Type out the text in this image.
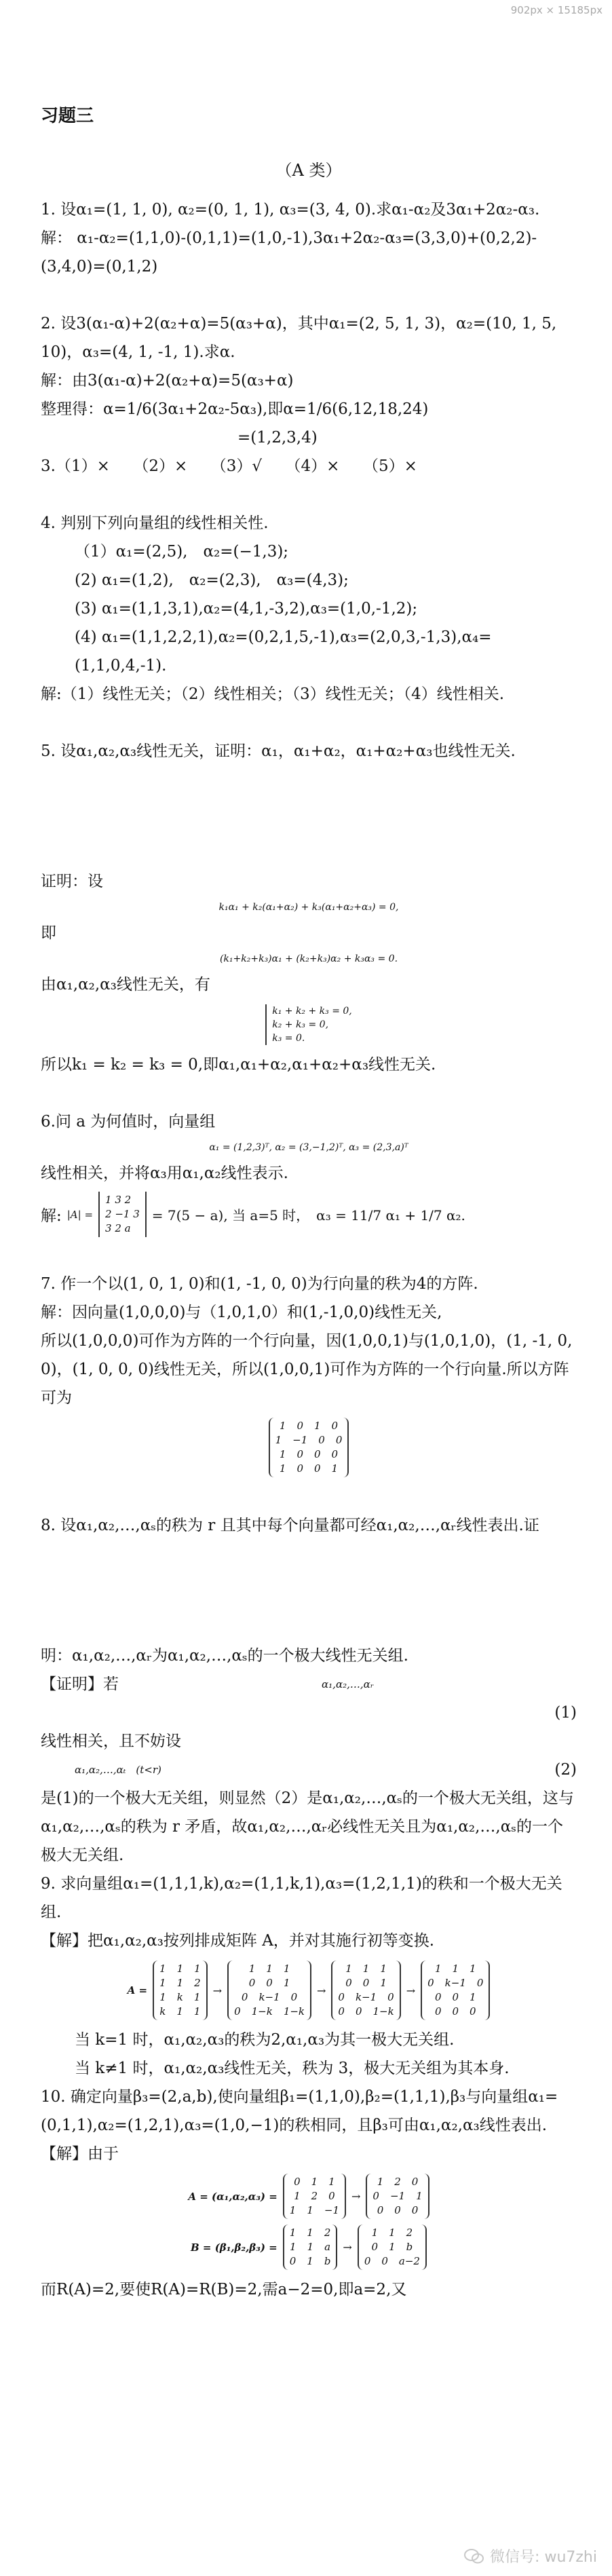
902px × 15185px
习题三
（A 类）

1. 设α₁=(1, 1, 0), α₂=(0, 1, 1), α₃=(3, 4, 0).求α₁-α₂及3α₁+2α₂-α₃.

解： α₁-α₂=(1,1,0)-(0,1,1)=(1,0,-1),3α₁+2α₂-α₃=(3,3,0)+(0,2,2)-(3,4,0)=(0,1,2)

2. 设3(α₁-α)+2(α₂+α)=5(α₃+α)，其中α₁=(2, 5, 1, 3)，α₂=(10, 1, 5, 10)，α₃=(4, 1, -1, 1).求α.

解：由3(α₁-α)+2(α₂+α)=5(α₃+α)

整理得：α=1/6(3α₁+2α₂-5α₃),即α=1/6(6,12,18,24)

=(1,2,3,4)

3.（1）×　　（2）×　　（3）√　　（4）×　　（5）×

4. 判别下列向量组的线性相关性.

（1）α₁=(2,5),　α₂=(−1,3);

(2) α₁=(1,2),　α₂=(2,3),　α₃=(4,3);

(3) α₁=(1,1,3,1),α₂=(4,1,-3,2),α₃=(1,0,-1,2);

(4) α₁=(1,1,2,2,1),α₂=(0,2,1,5,-1),α₃=(2,0,3,-1,3),α₄=(1,1,0,4,-1).

解:（1）线性无关；（2）线性相关；（3）线性无关；（4）线性相关.

5. 设α₁,α₂,α₃线性无关，证明：α₁，α₁+α₂，α₁+α₂+α₃也线性无关.

证明：设

k₁α₁ + k₂(α₁+α₂) + k₃(α₁+α₂+α₃) = 0,

即

(k₁+k₂+k₃)α₁ + (k₂+k₃)α₂ + k₃α₃ = 0.

由α₁,α₂,α₃线性无关，有

k₁ + k₂ + k₃ = 0,
k₂ + k₃ = 0,
k₃ = 0.

所以k₁ = k₂ = k₃ = 0,即α₁,α₁+α₂,α₁+α₂+α₃线性无关.

6.问 a 为何值时，向量组

α₁ = (1,2,3)ᵀ, α₂ = (3,−1,2)ᵀ, α₃ = (2,3,a)ᵀ

线性相关，并将α₃用α₁,α₂线性表示.

解: |A| =
1 3 2
2 −1 3
3 2 a
= 7(5 − a), 当 a=5 时，　α₃ = 11/7 α₁ + 1/7 α₂.

7. 作一个以(1, 0, 1, 0)和(1, -1, 0, 0)为行向量的秩为4的方阵.

解：因向量(1,0,0,0)与（1,0,1,0）和(1,-1,0,0)线性无关,

所以(1,0,0,0)可作为方阵的一个行向量，因(1,0,0,1)与(1,0,1,0)，(1, -1, 0, 0)，(1, 0, 0, 0)线性无关，所以(1,0,0,1)可作为方阵的一个行向量.所以方阵可为

1 0 1 0
1 −1 0 0
1 0 0 0
1 0 0 1

8. 设α₁,α₂,…,αₛ的秩为 r 且其中每个向量都可经α₁,α₂,…,αᵣ线性表出.证

明：α₁,α₂,…,αᵣ为α₁,α₂,…,αₛ的一个极大线性无关组.

【证明】若	α₁,α₂,…,αᵣ
(1)

线性相关，且不妨设

α₁,α₂,…,αₜ　(t<r)	(2)

是(1)的一个极大无关组，则显然（2）是α₁,α₂,…,αₛ的一个极大无关组，这与α₁,α₂,…,αₛ的秩为 r 矛盾，故α₁,α₂,…,αᵣ必线性无关且为α₁,α₂,…,αₛ的一个极大无关组.

9. 求向量组α₁=(1,1,1,k),α₂=(1,1,k,1),α₃=(1,2,1,1)的秩和一个极大无关组.

【解】把α₁,α₂,α₃按列排成矩阵 A，并对其施行初等变换.

A =
1 1 1
1 1 2
1 k 1
k 1 1
→
1 1 1
0 0 1
0 k−1 0
0 1−k 1−k
→
1 1 1
0 0 1
0 k−1 0
0 0 1−k
→
1 1 1
0 k−1 0
0 0 1
0 0 0

当 k=1 时，α₁,α₂,α₃的秩为2,α₁,α₃为其一极大无关组.

当 k≠1 时，α₁,α₂,α₃线性无关，秩为 3，极大无关组为其本身.

10. 确定向量β₃=(2,a,b),使向量组β₁=(1,1,0),β₂=(1,1,1),β₃与向量组α₁=(0,1,1),α₂=(1,2,1),α₃=(1,0,−1)的秩相同，且β₃可由α₁,α₂,α₃线性表出.

【解】由于

A = (α₁,α₂,α₃) =
0 1 1
1 2 0
1 1 −1
→
1 2 0
0 −1 1
0 0 0
B = (β₁,β₂,β₃) =
1 1 2
1 1 a
0 1 b
→
1 1 2
0 1 b
0 0 a−2

而R(A)=2,要使R(A)=R(B)=2,需a−2=0,即a=2,又

微信号: wu7zhi
